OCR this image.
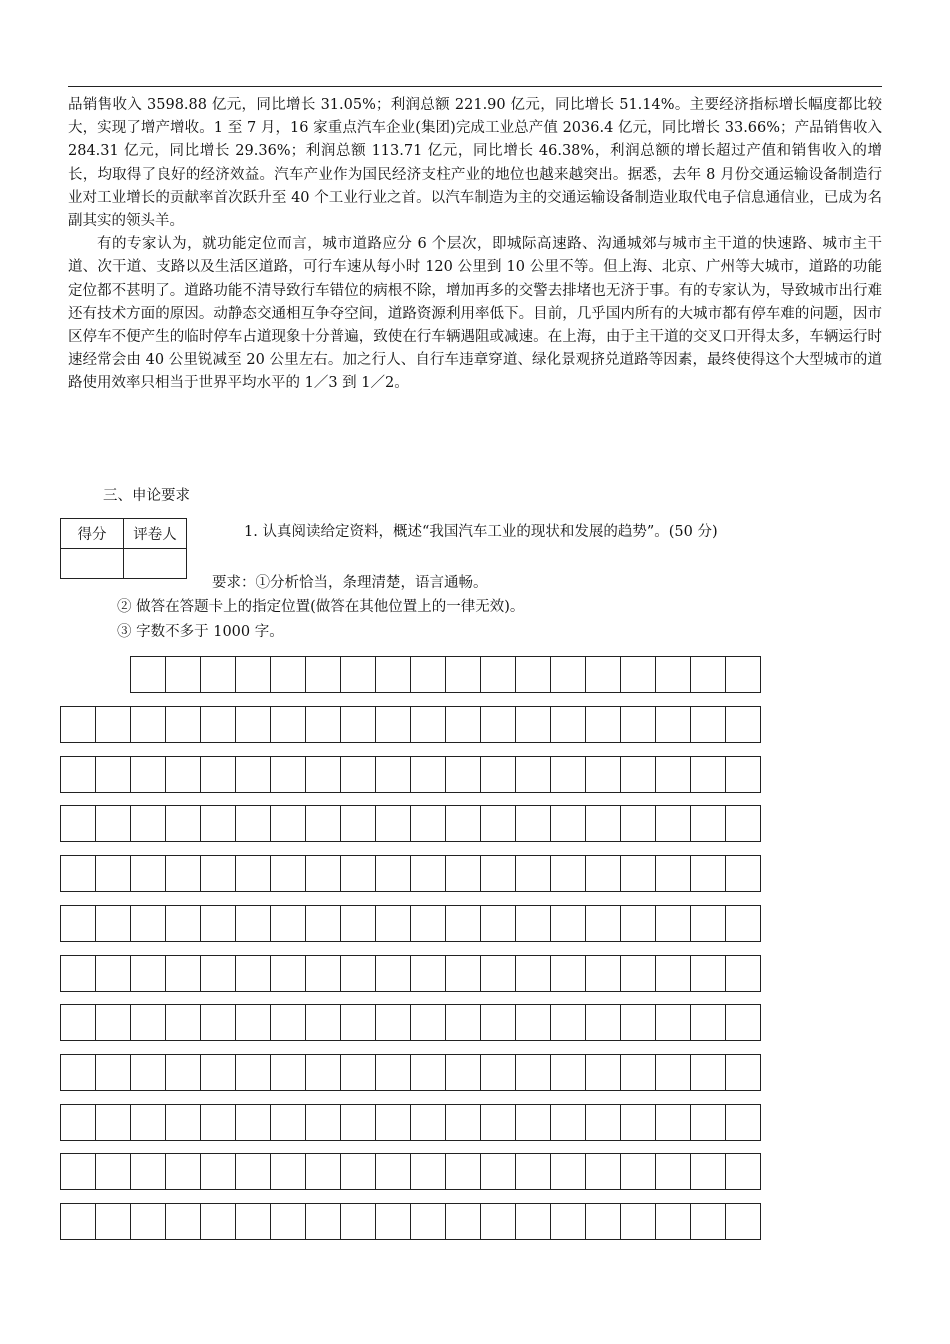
品销售收入 3598.88 亿元，同比增长 31.05%；利润总额 221.90 亿元，同比增长 51.14%。主要经济指标增长幅度都比较大，实现了增产增收。1 至 7 月，16 家重点汽车企业(集团)完成工业总产值 2036.4 亿元，同比增长 33.66%；产品销售收入 284.31 亿元，同比增长 29.36%；利润总额 113.71 亿元，同比增长 46.38%，利润总额的增长超过产值和销售收入的增长，均取得了良好的经济效益。汽车产业作为国民经济支柱产业的地位也越来越突出。据悉，去年 8 月份交通运输设备制造行业对工业增长的贡献率首次跃升至 40 个工业行业之首。以汽车制造为主的交通运输设备制造业取代电子信息通信业，已成为名副其实的领头羊。

有的专家认为，就功能定位而言，城市道路应分 6 个层次，即城际高速路、沟通城郊与城市主干道的快速路、城市主干道、次干道、支路以及生活区道路，可行车速从每小时 120 公里到 10 公里不等。但上海、北京、广州等大城市，道路的功能定位都不甚明了。道路功能不清导致行车错位的病根不除，增加再多的交警去排堵也无济于事。有的专家认为，导致城市出行难还有技术方面的原因。动静态交通相互争夺空间，道路资源利用率低下。目前，几乎国内所有的大城市都有停车难的问题，因市区停车不便产生的临时停车占道现象十分普遍，致使在行车辆遇阻或减速。在上海，由于主干道的交叉口开得太多，车辆运行时速经常会由 40 公里锐减至 20 公里左右。加之行人、自行车违章穿道、绿化景观挤兑道路等因素，最终使得这个大型城市的道路使用效率只相当于世界平均水平的 1／3 到 1／2。

三、申论要求
得分	评卷人
		1. 认真阅读给定资料，概述“我国汽车工业的现状和发展的趋势”。(50 分)
要求：①分析恰当，条理清楚，语言通畅。
② 做答在答题卡上的指定位置(做答在其他位置上的一律无效)。
③ 字数不多于 1000 字。
